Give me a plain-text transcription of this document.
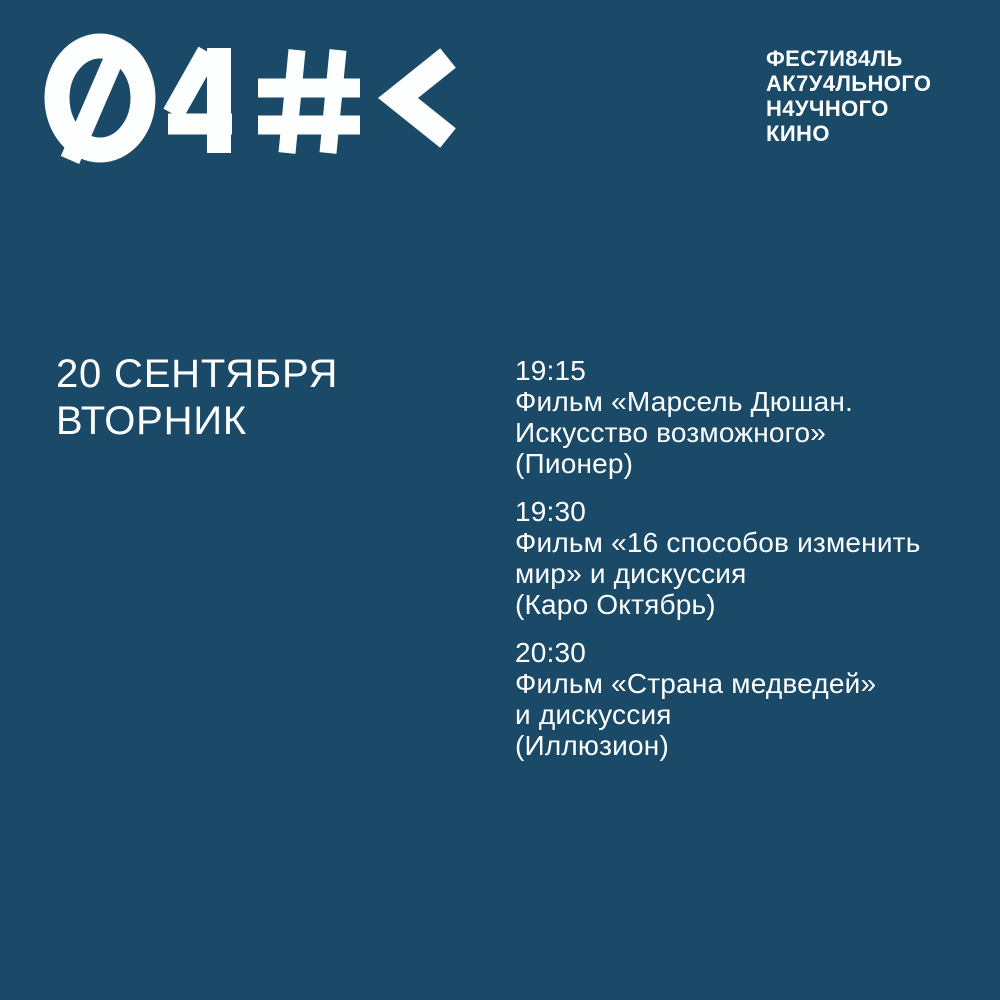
ФЕС7И84ЛЬ
АК7У4ЛЬНОГО
Н4УЧНОГО
КИНО
20 СЕНТЯБРЯ
ВТОРНИК
19:15
Фильм «Марсель Дюшан.
Искусство возможного»
(Пионер)
19:30
Фильм «16 способов изменить
мир» и дискуссия
(Каро Октябрь)
20:30
Фильм «Страна медведей»
и дискуссия
(Иллюзион)
